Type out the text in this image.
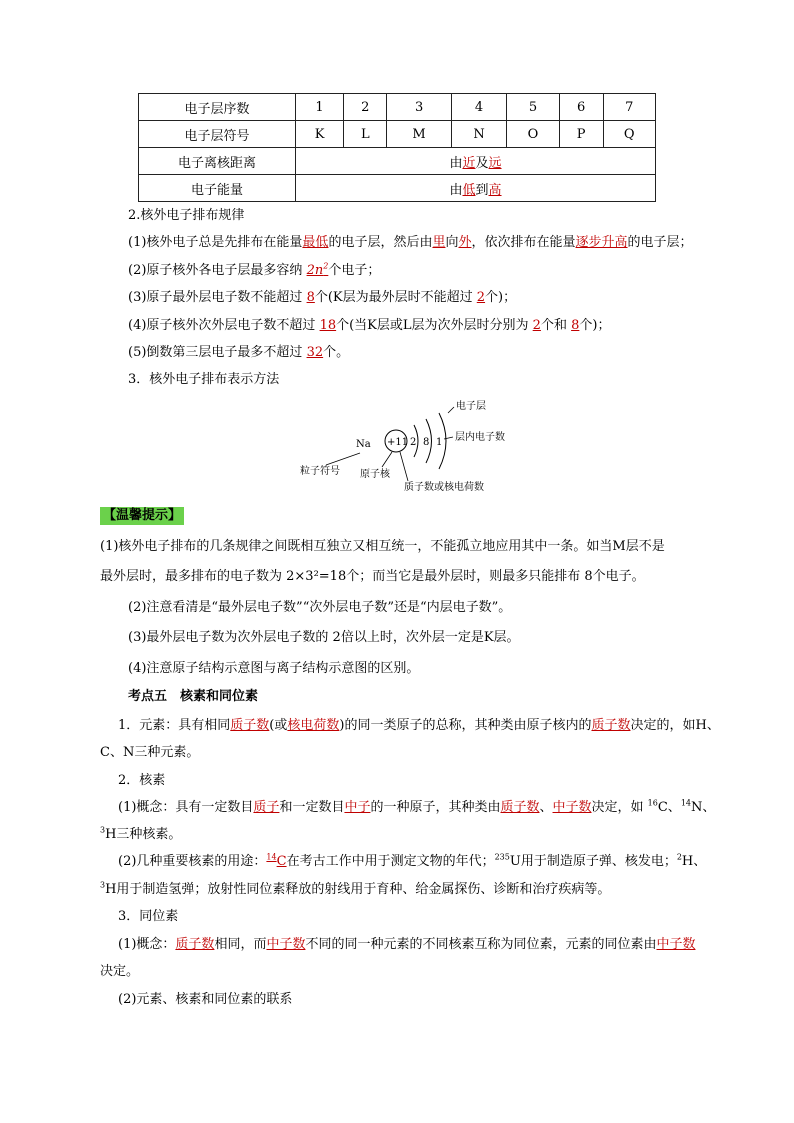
电子层序数	1	2	3	4	5	6	7
电子层符号	K	L	M	N	O	P	Q
电子离核距离	由近及远						
电子能量	由低到高						
2.核外电子排布规律
(1)核外电子总是先排布在能量最低的电子层，然后由里向外，依次排布在能量逐步升高的电子层；
(2)原子核外各电子层最多容纳 $2n^2$个电子；
(3)原子最外层电子数不能超过 8个(K层为最外层时不能超过 2个)；
(4)原子核外次外层电子数不超过 18个(当K层或L层为次外层时分别为 2个和 8个)；
(5)倒数第三层电子最多不超过 32个。
3．核外电子排布表示方法
Na +11 2 8 1
电子层
层内电子数
粒子符号 原子核
质子数或核电荷数
【温馨提示】
(1)核外电子排布的几条规律之间既相互独立又相互统一，不能孤立地应用其中一条。如当M层不是
最外层时，最多排布的电子数为 2×3²=18个；而当它是最外层时，则最多只能排布 8个电子。
(2)注意看清是“最外层电子数”“次外层电子数”还是“内层电子数”。
(3)最外层电子数为次外层电子数的 2倍以上时，次外层一定是K层。
(4)注意原子结构示意图与离子结构示意图的区别。
考点五　核素和同位素
1．元素：具有相同质子数(或核电荷数)的同一类原子的总称，其种类由原子核内的质子数决定的，如H、
C、N三种元素。
2．核素
(1)概念：具有一定数目质子和一定数目中子的一种原子，其种类由质子数、中子数决定，如 $^{16}$C、$^{14}$N、
$^3$H三种核素。
(2)几种重要核素的用途：$^{14}$C在考古工作中用于测定文物的年代；$^{235}$U用于制造原子弹、核发电；$^2$H、
$^3$H用于制造氢弹；放射性同位素释放的射线用于育种、给金属探伤、诊断和治疗疾病等。
3．同位素
(1)概念：质子数相同，而中子数不同的同一种元素的不同核素互称为同位素，元素的同位素由中子数
决定。
(2)元素、核素和同位素的联系
